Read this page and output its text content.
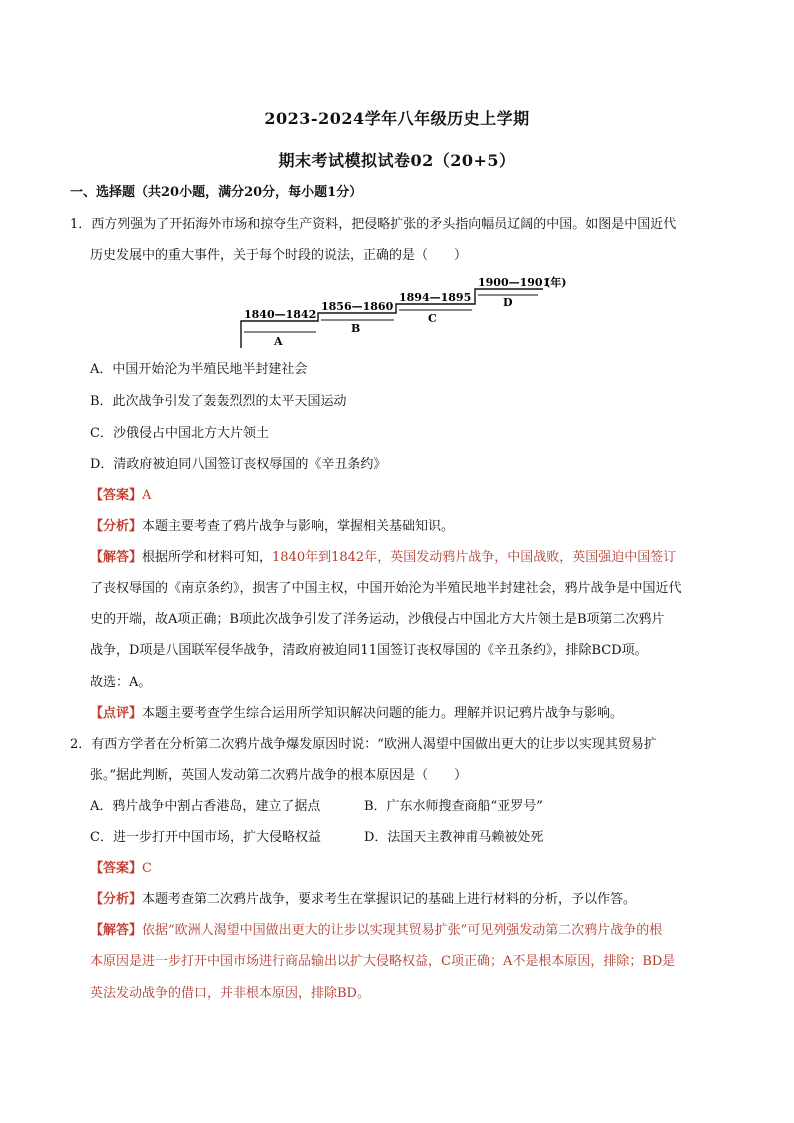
2023-2024学年八年级历史上学期
期末考试模拟试卷02（20+5）
一、选择题（共20小题，满分20分，每小题1分）
1．西方列强为了开拓海外市场和掠夺生产资料，把侵略扩张的矛头指向幅员辽阔的中国。如图是中国近代
历史发展中的重大事件，关于每个时段的说法，正确的是（　　）
1840—1842
A
1856—1860
B
1894—1895
C
1900—1901
D
(年)
A．中国开始沦为半殖民地半封建社会
B．此次战争引发了轰轰烈烈的太平天国运动
C．沙俄侵占中国北方大片领土
D．清政府被迫同八国签订丧权辱国的《辛丑条约》
【答案】A
【分析】本题主要考查了鸦片战争与影响，掌握相关基础知识。
【解答】根据所学和材料可知，1840年到1842年，英国发动鸦片战争，中国战败，英国强迫中国签订
了丧权辱国的《南京条约》，损害了中国主权，中国开始沦为半殖民地半封建社会，鸦片战争是中国近代
史的开端，故A项正确；B项此次战争引发了洋务运动，沙俄侵占中国北方大片领土是B项第二次鸦片
战争，D项是八国联军侵华战争，清政府被迫同11国签订丧权辱国的《辛丑条约》，排除BCD项。
故选：A。
【点评】本题主要考查学生综合运用所学知识解决问题的能力。理解并识记鸦片战争与影响。
2．有西方学者在分析第二次鸦片战争爆发原因时说：“欧洲人渴望中国做出更大的让步以实现其贸易扩
张。”据此判断，英国人发动第二次鸦片战争的根本原因是（　　）
A．鸦片战争中割占香港岛，建立了据点	B．广东水师搜查商船“亚罗号”
C．进一步打开中国市场，扩大侵略权益	D．法国天主教神甫马赖被处死
【答案】C
【分析】本题考查第二次鸦片战争，要求考生在掌握识记的基础上进行材料的分析，予以作答。
【解答】依据“欧洲人渴望中国做出更大的让步以实现其贸易扩张”可见列强发动第二次鸦片战争的根
本原因是进一步打开中国市场进行商品输出以扩大侵略权益，C项正确；A不是根本原因，排除；BD是
英法发动战争的借口，并非根本原因，排除BD。
